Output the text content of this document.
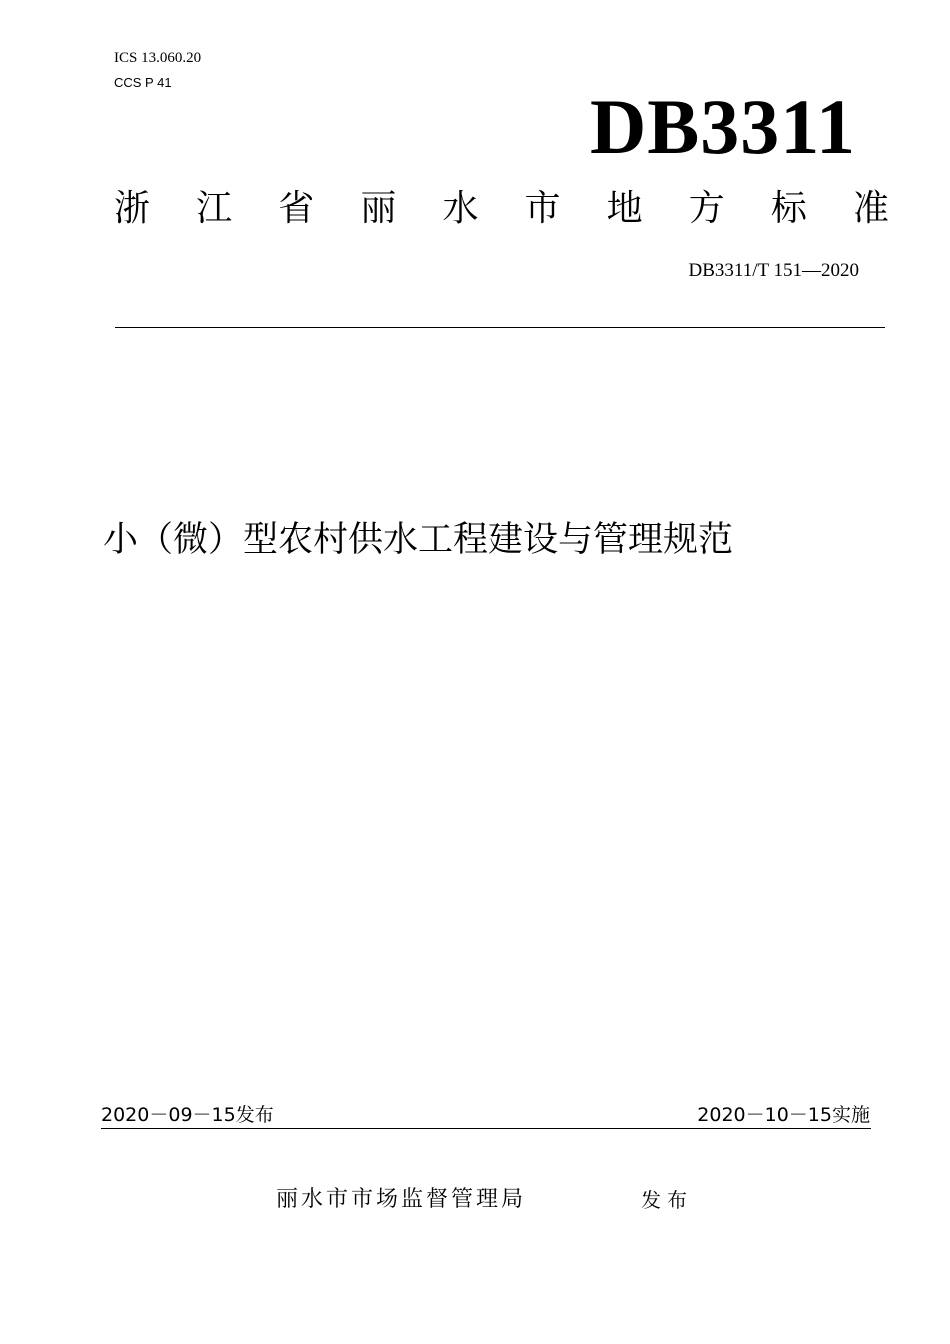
ICS 13.060.20
CCS P 41
DB3311
浙 江 省 丽 水 市 地 方 标 准
DB3311/T 151—2020
小（微）型农村供水工程建设与管理规范
2020－09－15发布	2020－10－15实施
丽水市市场监督管理局	发布
